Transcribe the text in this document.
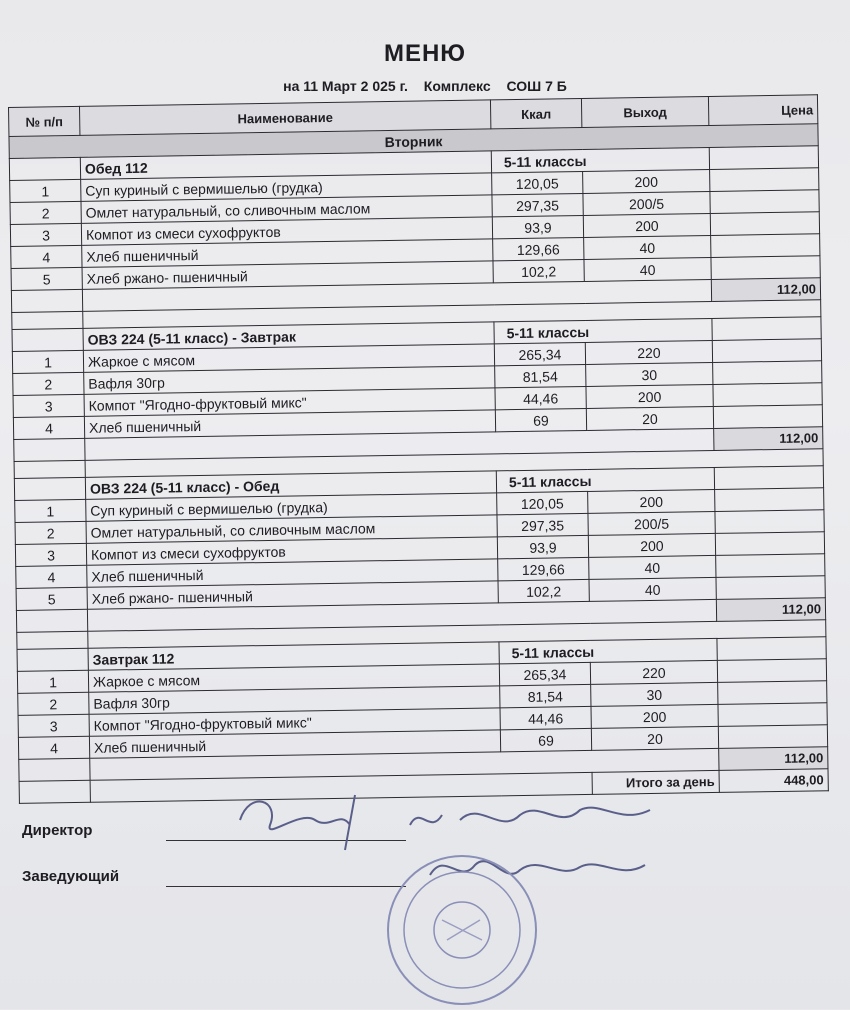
МЕНЮ
на 11 Март 2 025 г. Комплекс СОШ 7 Б
№ п/п	Наименование	Ккал	Выход	Цена
Вторник				
	Обед 112	5-11 классы		
1	Суп куриный с вермишелью (грудка)	120,05	200	
2	Омлет натуральный, со сливочным маслом	297,35	200/5	
3	Компот из смеси сухофруктов	93,9	200	
4	Хлеб пшеничный	129,66	40	
5	Хлеб ржано- пшеничный	102,2	40	
				112,00

	ОВЗ 224 (5-11 класс) - Завтрак	5-11 классы		
1	Жаркое с мясом	265,34	220	
2	Вафля 30гр	81,54	30	
3	Компот "Ягодно-фруктовый микс"	44,46	200	
4	Хлеб пшеничный	69	20	
				112,00

	ОВЗ 224 (5-11 класс) - Обед	5-11 классы		
1	Суп куриный с вермишелью (грудка)	120,05	200	
2	Омлет натуральный, со сливочным маслом	297,35	200/5	
3	Компот из смеси сухофруктов	93,9	200	
4	Хлеб пшеничный	129,66	40	
5	Хлеб ржано- пшеничный	102,2	40	
				112,00

	Завтрак 112	5-11 классы		
1	Жаркое с мясом	265,34	220	
2	Вафля 30гр	81,54	30	
3	Компот "Ягодно-фруктовый микс"	44,46	200	
4	Хлеб пшеничный	69	20	
				112,00
			Итого за день	448,00
Директор
Заведующий
